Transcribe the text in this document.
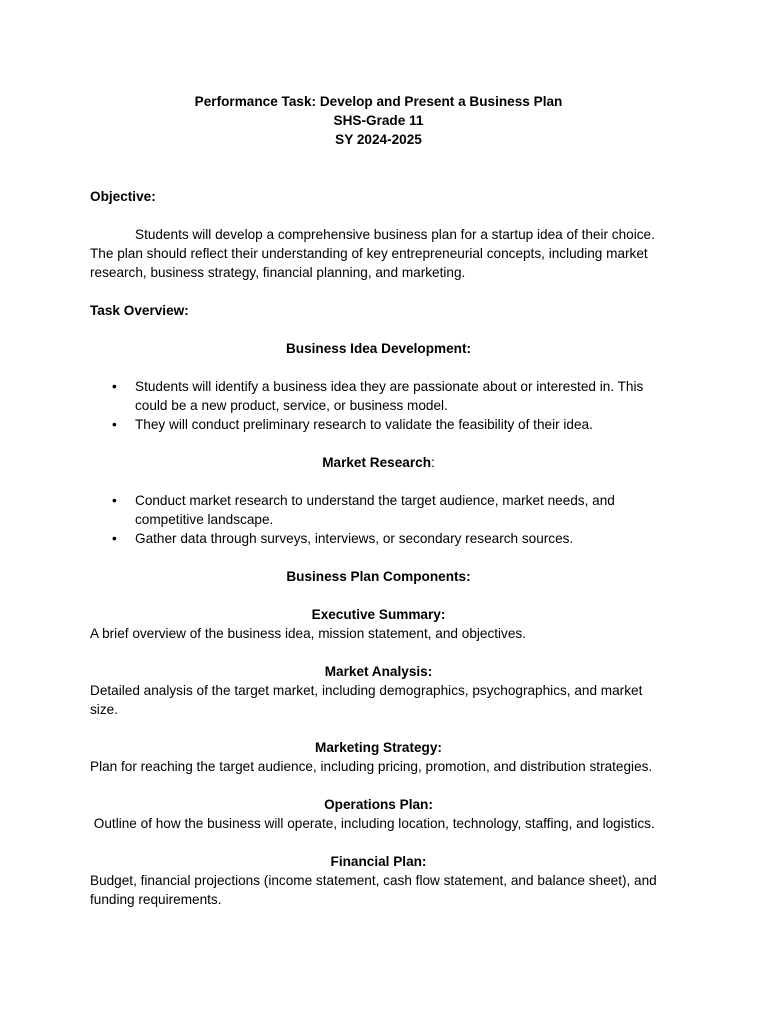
Performance Task: Develop and Present a Business Plan
SHS-Grade 11
SY 2024-2025
Objective:

Students will develop a comprehensive business plan for a startup idea of their choice. The plan should reflect their understanding of key entrepreneurial concepts, including market research, business strategy, financial planning, and marketing.

Task Overview:
Business Idea Development:
• Students will identify a business idea they are passionate about or interested in. This could be a new product, service, or business model.
• They will conduct preliminary research to validate the feasibility of their idea.
Market Research:
• Conduct market research to understand the target audience, market needs, and competitive landscape.
• Gather data through surveys, interviews, or secondary research sources.
Business Plan Components:
Executive Summary:

A brief overview of the business idea, mission statement, and objectives.

Market Analysis:

Detailed analysis of the target market, including demographics, psychographics, and market size.

Marketing Strategy:

Plan for reaching the target audience, including pricing, promotion, and distribution strategies.

Operations Plan:

Outline of how the business will operate, including location, technology, staffing, and logistics.

Financial Plan:

Budget, financial projections (income statement, cash flow statement, and balance sheet), and funding requirements.
